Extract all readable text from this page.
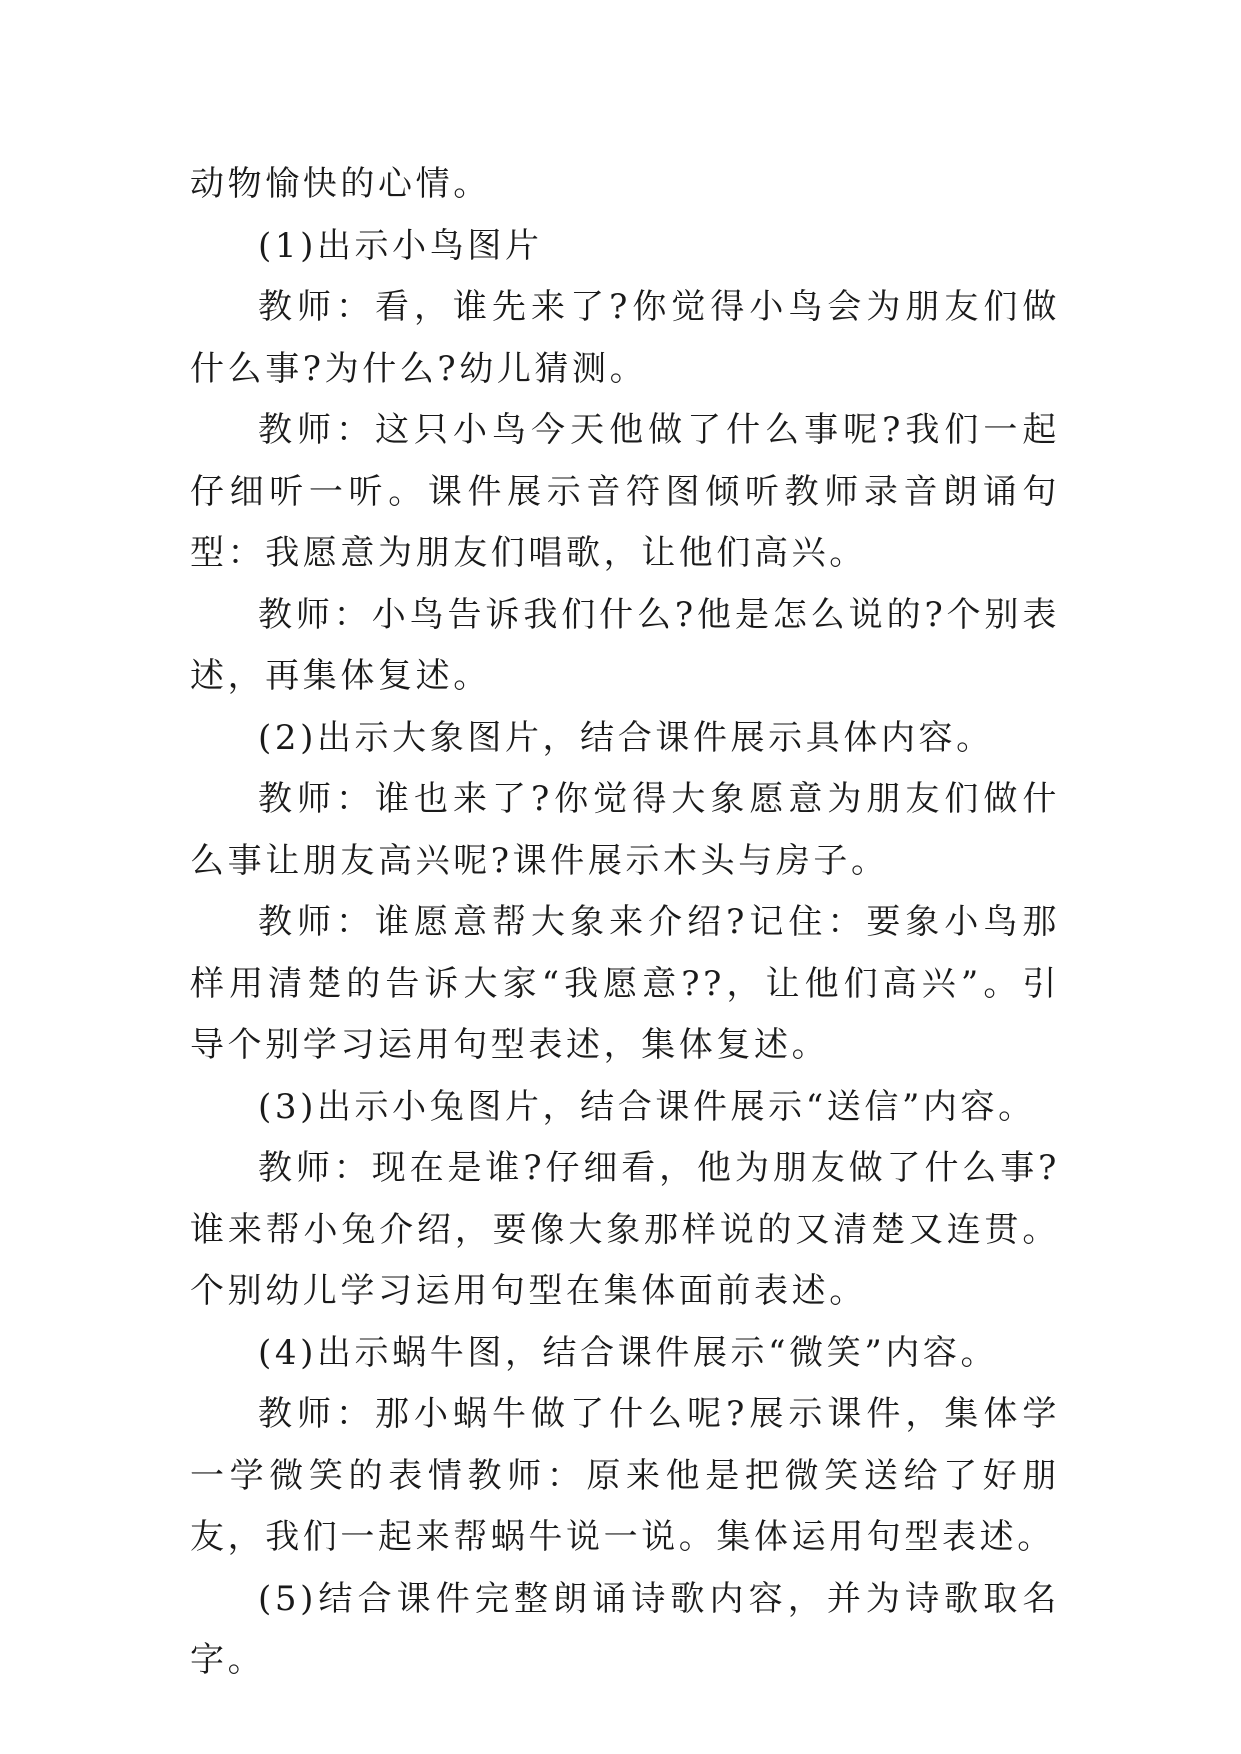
动物愉快的心情。

(1)出示小鸟图片

教师：看，谁先来了?你觉得小鸟会为朋友们做什么事?为什么?幼儿猜测。

教师：这只小鸟今天他做了什么事呢?我们一起仔细听一听。课件展示音符图倾听教师录音朗诵句型：我愿意为朋友们唱歌，让他们高兴。

教师：小鸟告诉我们什么?他是怎么说的?个别表述，再集体复述。

(2)出示大象图片，结合课件展示具体内容。

教师：谁也来了?你觉得大象愿意为朋友们做什么事让朋友高兴呢?课件展示木头与房子。

教师：谁愿意帮大象来介绍?记住：要象小鸟那样用清楚的告诉大家“我愿意??，让他们高兴”。引导个别学习运用句型表述，集体复述。

(3)出示小兔图片，结合课件展示“送信”内容。

教师：现在是谁?仔细看，他为朋友做了什么事?谁来帮小兔介绍，要像大象那样说的又清楚又连贯。个别幼儿学习运用句型在集体面前表述。

(4)出示蜗牛图，结合课件展示“微笑”内容。

教师：那小蜗牛做了什么呢?展示课件，集体学一学微笑的表情教师：原来他是把微笑送给了好朋友，我们一起来帮蜗牛说一说。集体运用句型表述。

(5)结合课件完整朗诵诗歌内容，并为诗歌取名字。
